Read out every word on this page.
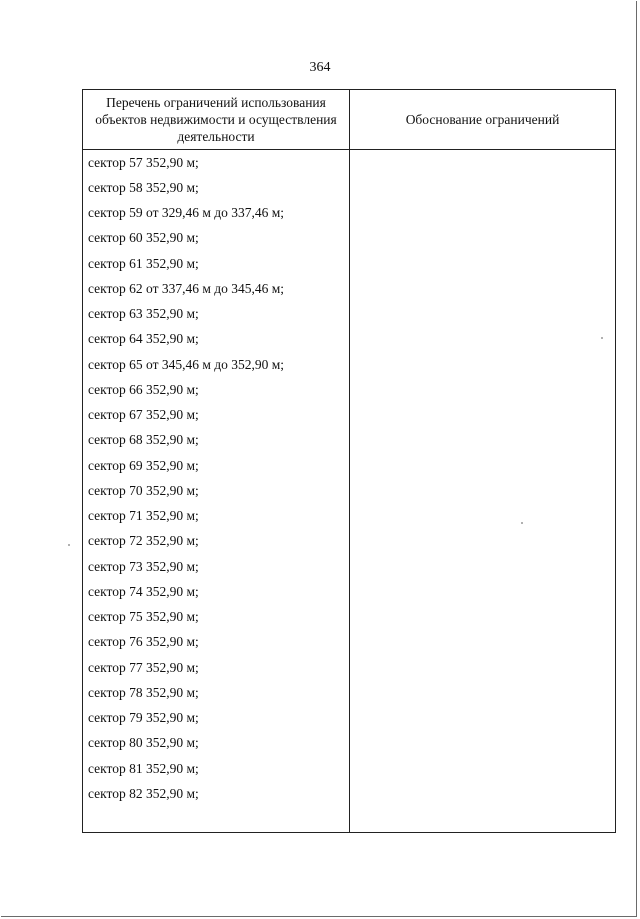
364
Перечень ограничений использования объектов недвижимости и осуществления деятельности	Обоснование ограничений
сектор 57 352,90 м;	
сектор 58 352,90 м;	
сектор 59 от 329,46 м до 337,46 м;	
сектор 60 352,90 м;	
сектор 61 352,90 м;	
сектор 62 от 337,46 м до 345,46 м;	
сектор 63 352,90 м;	
сектор 64 352,90 м;	
сектор 65 от 345,46 м до 352,90 м;	
сектор 66 352,90 м;	
сектор 67 352,90 м;	
сектор 68 352,90 м;	
сектор 69 352,90 м;	
сектор 70 352,90 м;	
сектор 71 352,90 м;	
сектор 72 352,90 м;	
сектор 73 352,90 м;	
сектор 74 352,90 м;	
сектор 75 352,90 м;	
сектор 76 352,90 м;	
сектор 77 352,90 м;	
сектор 78 352,90 м;	
сектор 79 352,90 м;	
сектор 80 352,90 м;	
сектор 81 352,90 м;	
сектор 82 352,90 м;	
